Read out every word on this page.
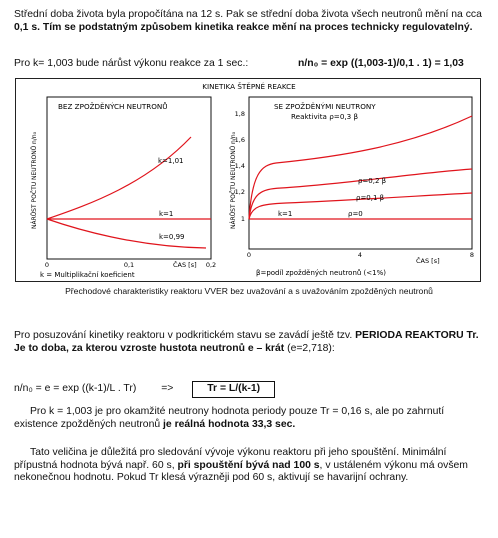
Střední doba života byla propočítána na 12 s. Pak se střední doba života všech neutronů mění na cca 0,1 s. Tím se podstatným způsobem kinetika reakce mění na proces technicky regulovatelný.

Pro k= 1,003 bude nárůst výkonu reakce za 1 sec.:	n/n₀ = exp ((1,003-1)/0,1 . 1) = 1,03
KINETIKA ŠTĚPNÉ REAKCE
BEZ ZPOŽDĚNÝCH NEUTRONŮ
NÁRŮST POČTU NEUTRONŮ n/n₀
0	0,1	0,2
ČAS [s]
k = Multiplikační koeficient
k=1,01
k=1
k=0,99
SE ZPOŽDĚNÝMI NEUTRONY
Reaktivita ρ=0,3 β
NÁRŮST POČTU NEUTRONŮ n/n₀ 1
1,2
1,4
1,6
1,8
0	4	8
ČAS [s]
β=podíl zpožděných neutronů (<1%)
ρ=0,2 β
ρ=0,1 β
ρ=0
k=1
Přechodové charakteristiky reaktoru VVER bez uvažování a s uvažováním zpožděných neutronů

Pro posuzování kinetiky reaktoru v podkritickém stavu se zavádí ještě tzv. PERIODA REAKTORU Tr.
Je to doba, za kterou vzroste hustota neutronů e – krát (e=2,718):

n/n₀ = e = exp ((k-1)/L . Tr) =>	Tr = L/(k-1)

Pro k = 1,003 je pro okamžité neutrony hodnota periody pouze Tr = 0,16 s, ale po zahrnutí existence zpožděných neutronů je reálná hodnota 33,3 sec.

Tato veličina je důležitá pro sledování vývoje výkonu reaktoru při jeho spouštění. Minimální přípustná hodnota bývá např. 60 s, při spouštění bývá nad 100 s, v ustáleném výkonu má ovšem nekonečnou hodnotu. Pokud Tr klesá výrazněji pod 60 s, aktivují se havarijní ochrany.
